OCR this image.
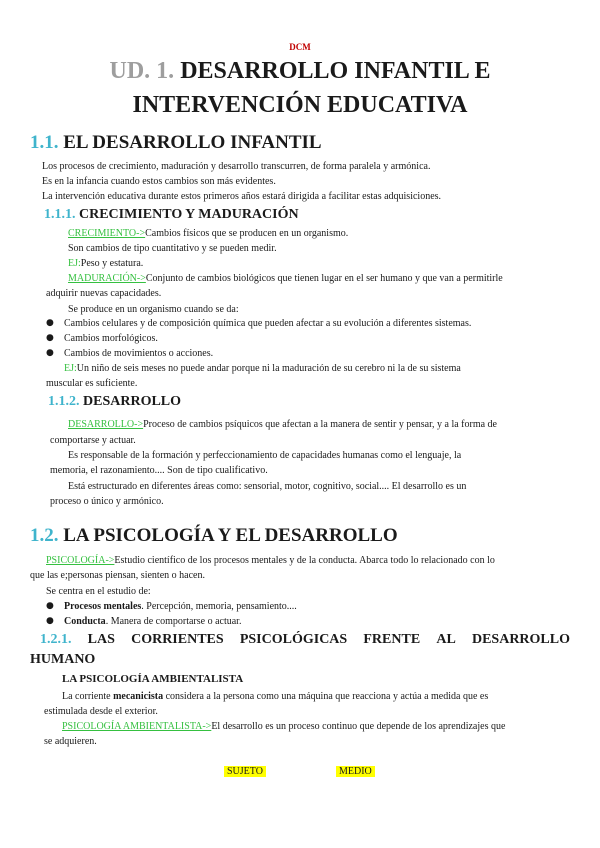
DCM
UD. 1. DESARROLLO INFANTIL E
INTERVENCIÓN EDUCATIVA
1.1. EL DESARROLLO INFANTIL
Los procesos de crecimiento, maduración y desarrollo transcurren, de forma paralela y armónica.
Es en la infancia cuando estos cambios son más evidentes.
La intervención educativa durante estos primeros años estará dirigida a facilitar estas adquisiciones.
1.1.1. CRECIMIENTO Y MADURACIÓN
CRECIMIENTO->Cambios físicos que se producen en un organismo.
Son cambios de tipo cuantitativo y se pueden medir.
EJ:Peso y estatura.
MADURACIÓN->Conjunto de cambios biológicos que tienen lugar en el ser humano y que van a permitirle
adquirir nuevas capacidades.
Se produce en un organismo cuando se da:
● Cambios celulares y de composición química que pueden afectar a su evolución a diferentes sistemas.
● Cambios morfológicos.
● Cambios de movimientos o acciones.
EJ:Un niño de seis meses no puede andar porque ni la maduración de su cerebro ni la de su sistema
muscular es suficiente.
1.1.2. DESARROLLO
DESARROLLO->Proceso de cambios psíquicos que afectan a la manera de sentir y pensar, y a la forma de
comportarse y actuar.
Es responsable de la formación y perfeccionamiento de capacidades humanas como el lenguaje, la
memoria, el razonamiento.... Son de tipo cualificativo.
Está estructurado en diferentes áreas como: sensorial, motor, cognitivo, social.... El desarrollo es un
proceso o único y armónico.
1.2. LA PSICOLOGÍA Y EL DESARROLLO
PSICOLOGÍA->Estudio científico de los procesos mentales y de la conducta. Abarca todo lo relacionado con lo
que las e;personas piensan, sienten o hacen.
Se centra en el estudio de:
● Procesos mentales. Percepción, memoria, pensamiento....
● Conducta. Manera de comportarse o actuar.
1.2.1. LAS CORRIENTES PSICOLÓGICAS FRENTE AL DESARROLLO
HUMANO
LA PSICOLOGÍA AMBIENTALISTA
La corriente mecanicista considera a la persona como una máquina que reacciona y actúa a medida que es
estimulada desde el exterior.
PSICOLOGÍA AMBIENTALISTA->El desarrollo es un proceso continuo que depende de los aprendizajes que
se adquieren.
SUJETO	MEDIO
